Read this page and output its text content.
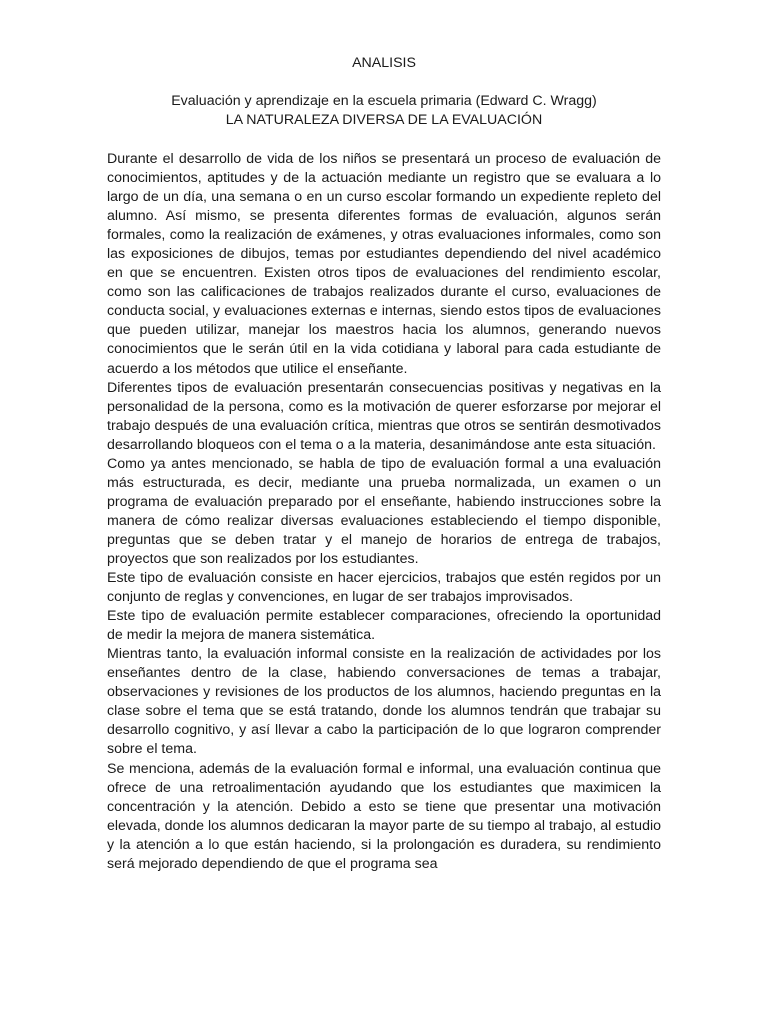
ANALISIS
Evaluación y aprendizaje en la escuela primaria (Edward C. Wragg)
LA NATURALEZA DIVERSA DE LA EVALUACIÓN

Durante el desarrollo de vida de los niños se presentará un proceso de evaluación de conocimientos, aptitudes y de la actuación mediante un registro que se evaluara a lo largo de un día, una semana o en un curso escolar formando un expediente repleto del alumno. Así mismo, se presenta diferentes formas de evaluación, algunos serán formales, como la realización de exámenes, y otras evaluaciones informales, como son las exposiciones de dibujos, temas por estudiantes dependiendo del nivel académico en que se encuentren. Existen otros tipos de evaluaciones del rendimiento escolar, como son las calificaciones de trabajos realizados durante el curso, evaluaciones de conducta social, y evaluaciones externas e internas, siendo estos tipos de evaluaciones que pueden utilizar, manejar los maestros hacia los alumnos, generando nuevos conocimientos que le serán útil en la vida cotidiana y laboral para cada estudiante de acuerdo a los métodos que utilice el enseñante.

Diferentes tipos de evaluación presentarán consecuencias positivas y negativas en la personalidad de la persona, como es la motivación de querer esforzarse por mejorar el trabajo después de una evaluación crítica, mientras que otros se sentirán desmotivados desarrollando bloqueos con el tema o a la materia, desanimándose ante esta situación.

Como ya antes mencionado, se habla de tipo de evaluación formal a una evaluación más estructurada, es decir, mediante una prueba normalizada, un examen o un programa de evaluación preparado por el enseñante, habiendo instrucciones sobre la manera de cómo realizar diversas evaluaciones estableciendo el tiempo disponible, preguntas que se deben tratar y el manejo de horarios de entrega de trabajos, proyectos que son realizados por los estudiantes.

Este tipo de evaluación consiste en hacer ejercicios, trabajos que estén regidos por un conjunto de reglas y convenciones, en lugar de ser trabajos improvisados.

Este tipo de evaluación permite establecer comparaciones, ofreciendo la oportunidad de medir la mejora de manera sistemática.

Mientras tanto, la evaluación informal consiste en la realización de actividades por los enseñantes dentro de la clase, habiendo conversaciones de temas a trabajar, observaciones y revisiones de los productos de los alumnos, haciendo preguntas en la clase sobre el tema que se está tratando, donde los alumnos tendrán que trabajar su desarrollo cognitivo, y así llevar a cabo la participación de lo que lograron comprender sobre el tema.

Se menciona, además de la evaluación formal e informal, una evaluación continua que ofrece de una retroalimentación ayudando que los estudiantes que maximicen la concentración y la atención. Debido a esto se tiene que presentar una motivación elevada, donde los alumnos dedicaran la mayor parte de su tiempo al trabajo, al estudio y la atención a lo que están haciendo, si la prolongación es duradera, su rendimiento será mejorado dependiendo de que el programa sea
